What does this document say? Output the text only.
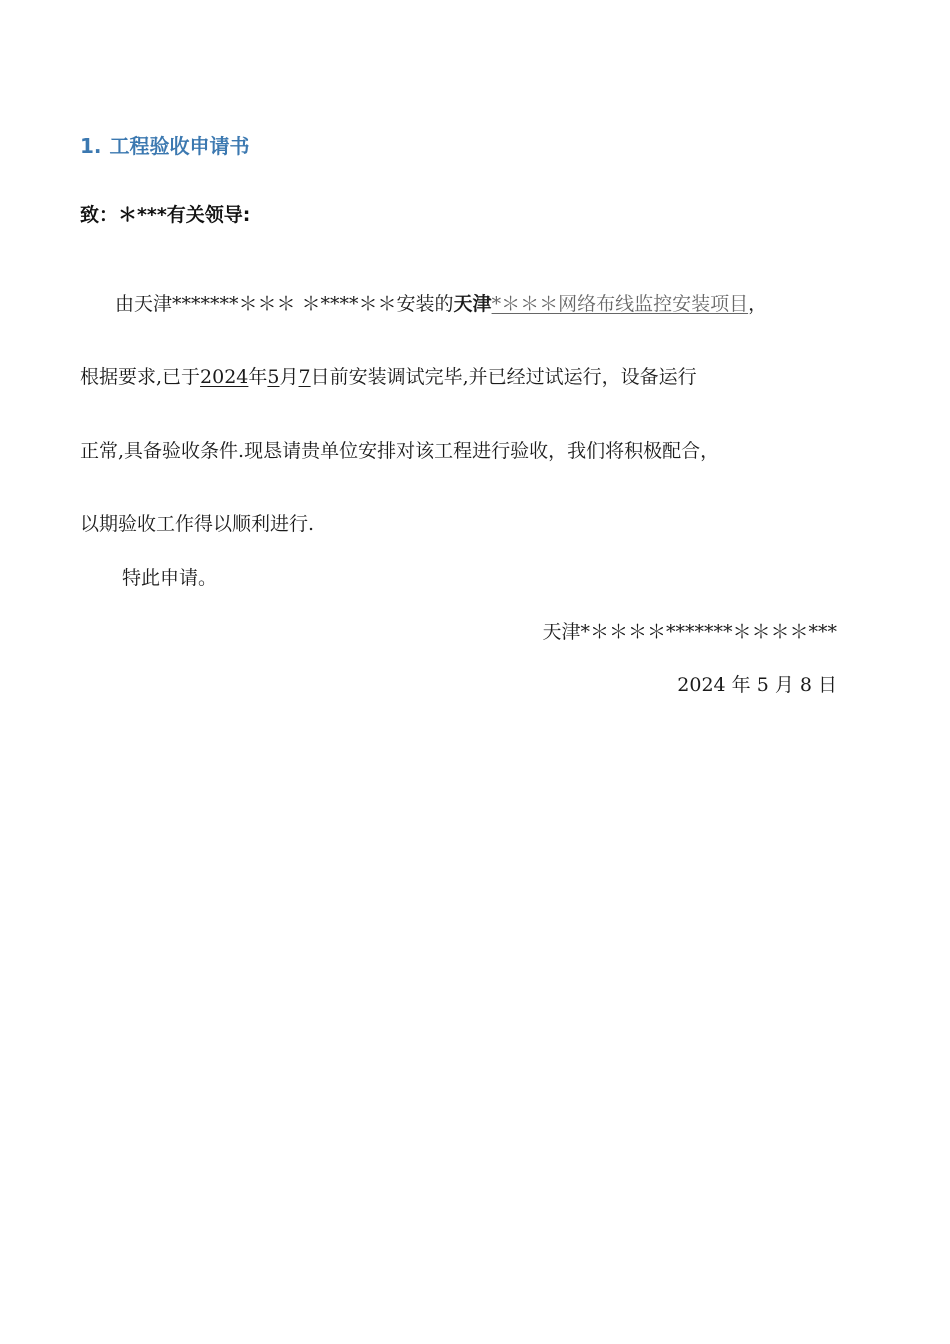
1. 工程验收申请书
致：＊***有关领导:
由天津*******＊＊＊ ＊****＊＊安装的天津*＊＊＊网络布线监控安装项目，
根据要求,已于2024年5月7日前安装调试完毕,并已经过试运行，设备运行
正常,具备验收条件.现恳请贵单位安排对该工程进行验收，我们将积极配合，
以期验收工作得以顺利进行.
特此申请。
天津*＊＊＊＊*******＊＊＊＊***
2024 年 5 月 8 日
